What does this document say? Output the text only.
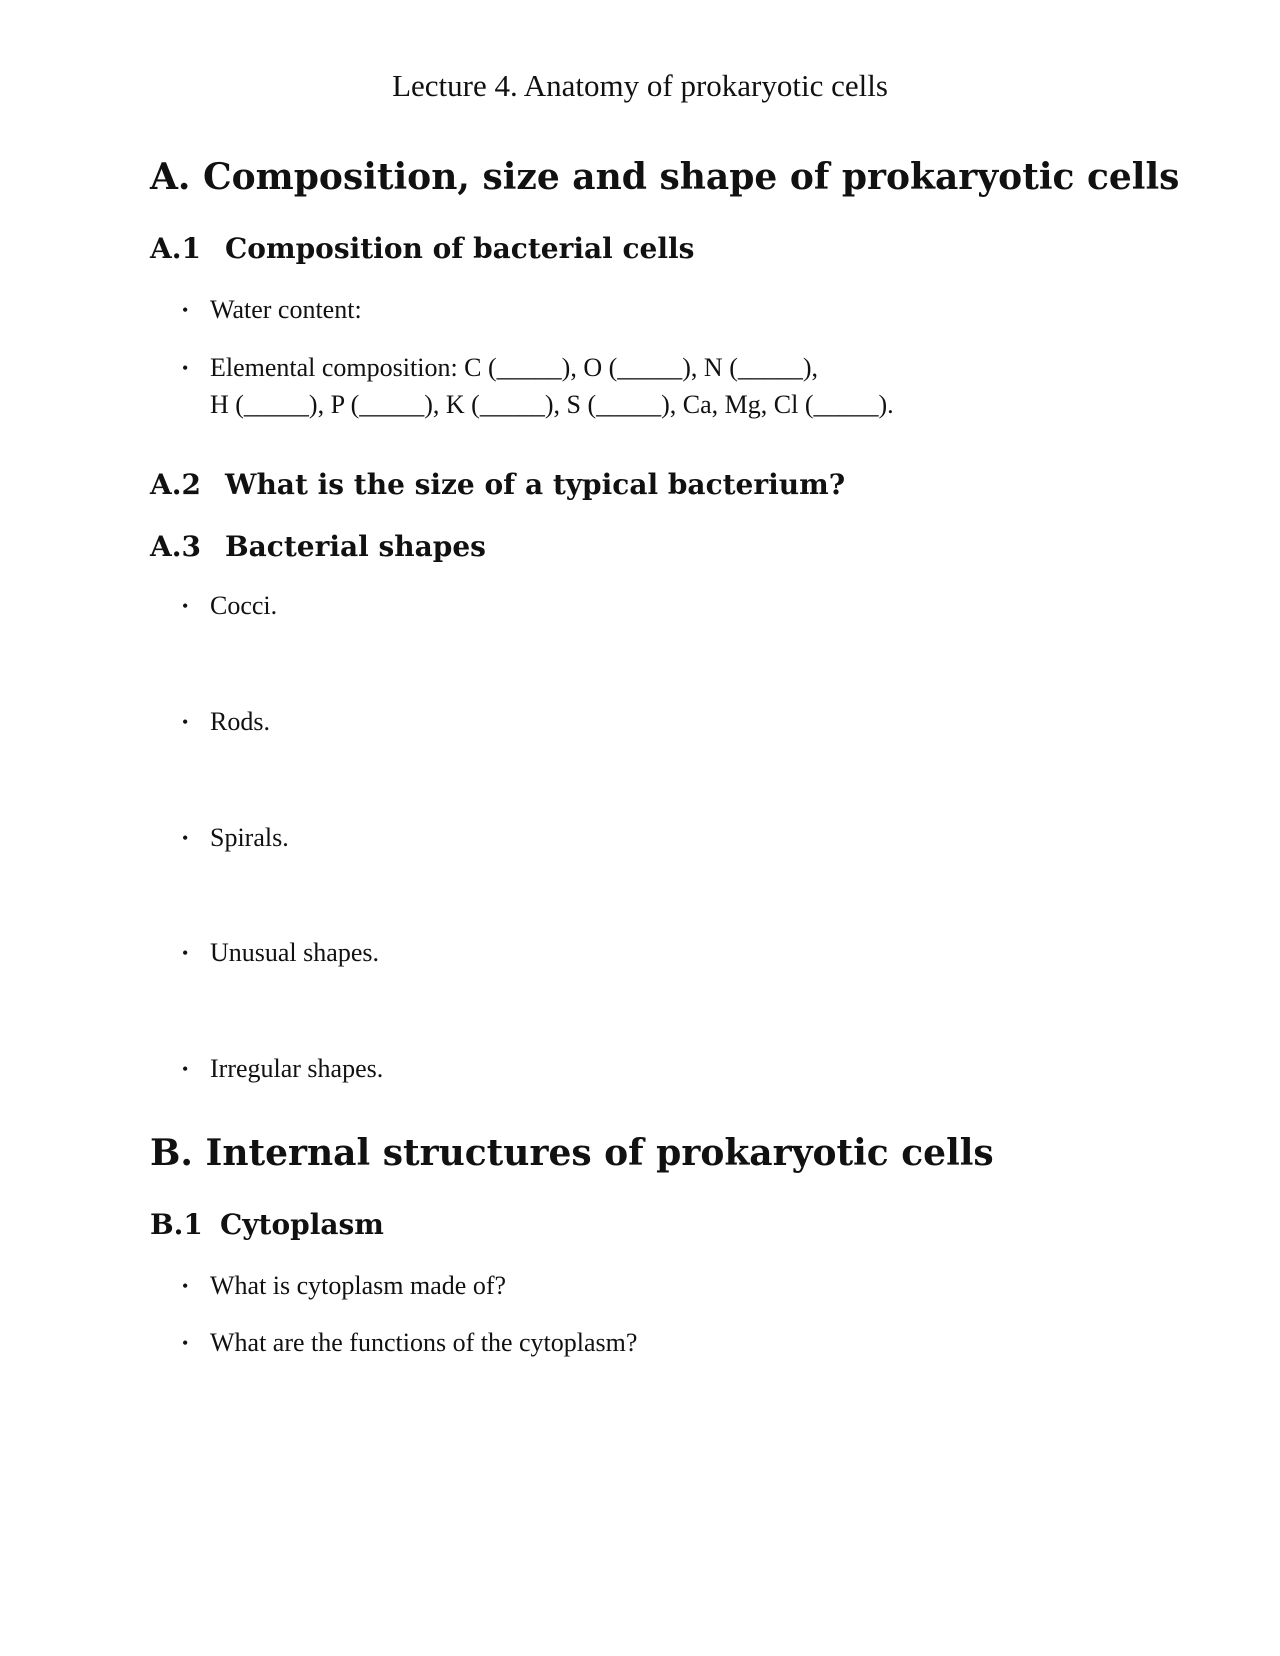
Lecture 4. Anatomy of prokaryotic cells
A. Composition, size and shape of prokaryotic cells
A.1 Composition of bacterial cells
• Water content:
• Elemental composition: C (_____), O (_____), N (_____),
H (_____), P (_____), K (_____), S (_____), Ca, Mg, Cl (_____).
A.2 What is the size of a typical bacterium?
A.3 Bacterial shapes
• Cocci.
• Rods.
• Spirals.
• Unusual shapes.
• Irregular shapes.
B. Internal structures of prokaryotic cells
B.1 Cytoplasm
• What is cytoplasm made of?
• What are the functions of the cytoplasm?
